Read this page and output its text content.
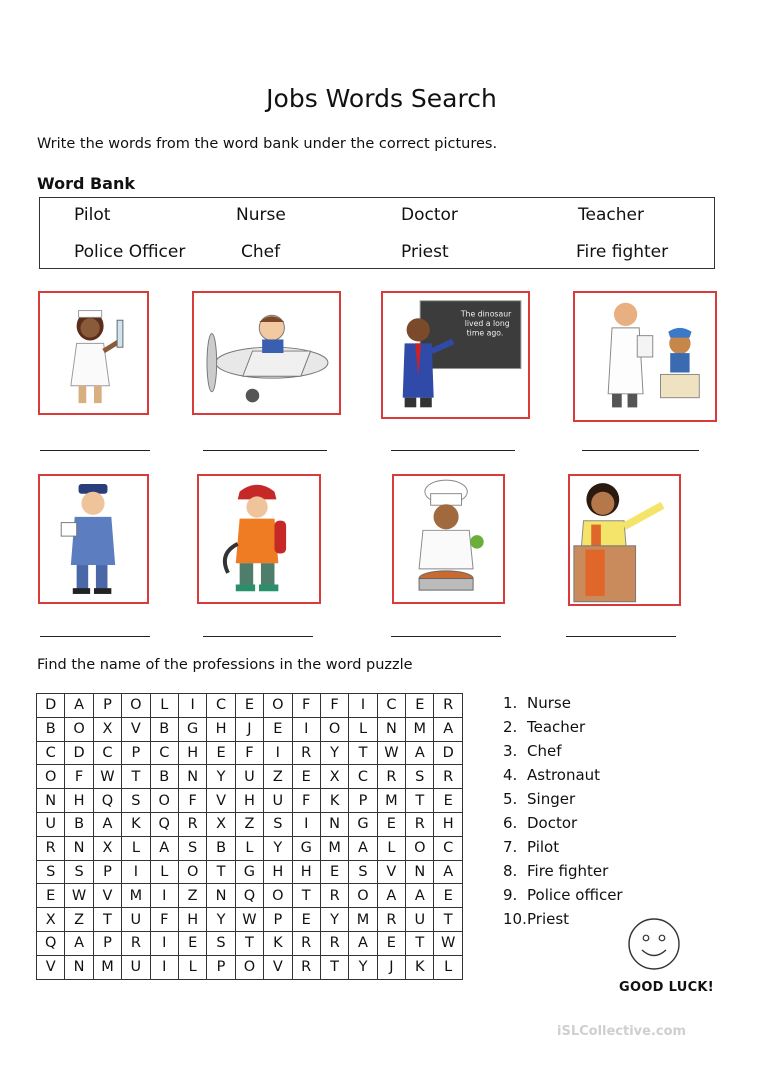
Jobs Words Search
Write the words from the word bank under the correct pictures.
Word Bank
Pilot	Nurse	Doctor	Teacher
Police Officer	Chef	Priest	Fire fighter
The dinosaur
lived a long
time ago.
Find the name of the professions in the word puzzle
D	A	P	O	L	I	C	E	O	F	F	I	C	E	R
B	O	X	V	B	G	H	J	E	I	O	L	N	M	A
C	D	C	P	C	H	E	F	I	R	Y	T	W	A	D
O	F	W	T	B	N	Y	U	Z	E	X	C	R	S	R
N	H	Q	S	O	F	V	H	U	F	K	P	M	T	E
U	B	A	K	Q	R	X	Z	S	I	N	G	E	R	H
R	N	X	L	A	S	B	L	Y	G	M	A	L	O	C
S	S	P	I	L	O	T	G	H	H	E	S	V	N	A
E	W	V	M	I	Z	N	Q	O	T	R	O	A	A	E
X	Z	T	U	F	H	Y	W	P	E	Y	M	R	U	T
Q	A	P	R	I	E	S	T	K	R	R	A	E	T	W
V	N	M	U	I	L	P	O	V	R	T	Y	J	K	L
1. Nurse
2. Teacher
3. Chef
4. Astronaut
5. Singer
6. Doctor
7. Pilot
8. Fire fighter
9. Police officer
10. Priest
GOOD LUCK!
iSLCollective.com
